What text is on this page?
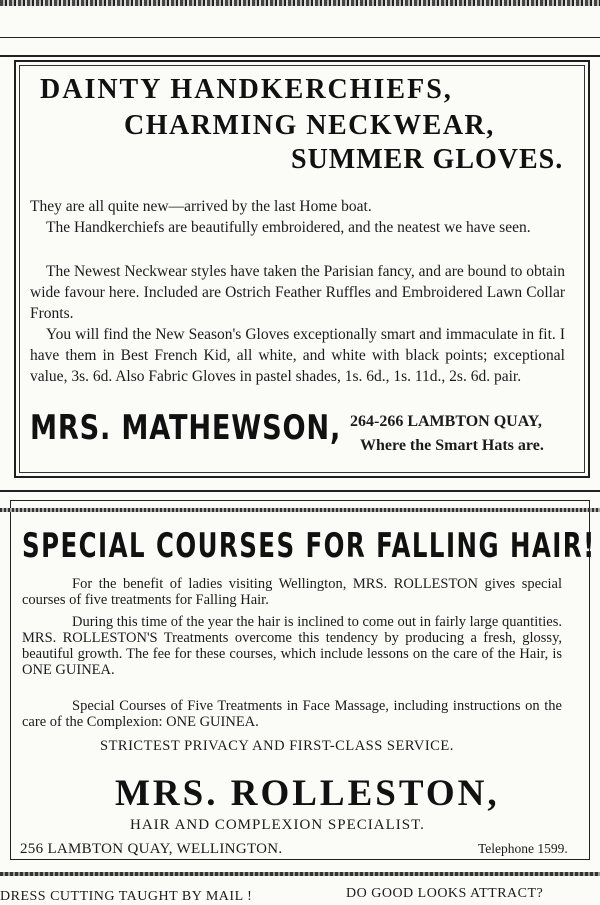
DAINTY HANDKERCHIEFS,
CHARMING NECKWEAR,
SUMMER GLOVES.

They are all quite new—arrived by the last Home boat.

The Handkerchiefs are beautifully embroidered, and the neatest we have seen.

The Newest Neckwear styles have taken the Parisian fancy, and are bound to obtain wide favour here. Included are Ostrich Feather Ruffles and Embroidered Lawn Collar Fronts.

You will find the New Season's Gloves exceptionally smart and immaculate in fit. I have them in Best French Kid, all white, and white with black points; exceptional value, 3s. 6d. Also Fabric Gloves in pastel shades, 1s. 6d., 1s. 11d., 2s. 6d. pair.

MRS. MATHEWSON, 264-266 LAMBTON QUAY,
Where the Smart Hats are.
SPECIAL COURSES FOR FALLING HAIR!

For the benefit of ladies visiting Wellington, MRS. ROLLESTON gives special courses of five treatments for Falling Hair.

During this time of the year the hair is inclined to come out in fairly large quantities. MRS. ROLLESTON'S Treatments overcome this tendency by producing a fresh, glossy, beautiful growth. The fee for these courses, which include lessons on the care of the Hair, is ONE GUINEA.

Special Courses of Five Treatments in Face Massage, including instructions on the care of the Complexion: ONE GUINEA.

STRICTEST PRIVACY AND FIRST-CLASS SERVICE.
MRS. ROLLESTON,
HAIR AND COMPLEXION SPECIALIST.
256 LAMBTON QUAY, WELLINGTON.	Telephone 1599.
DRESS CUTTING TAUGHT BY MAIL !	DO GOOD LOOKS ATTRACT?
